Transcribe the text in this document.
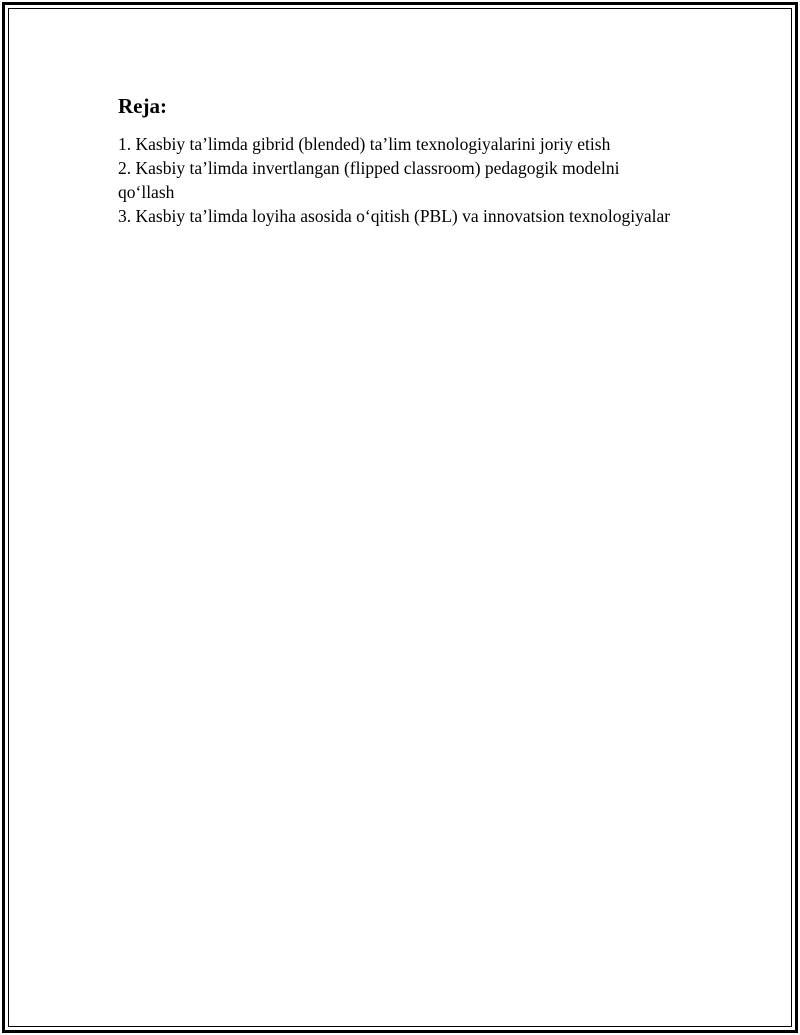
Reja:
1. Kasbiy ta’limda gibrid (blended) ta’lim texnologiyalarini joriy etish
2. Kasbiy ta’limda invertlangan (flipped classroom) pedagogik modelni qo‘llash
3. Kasbiy ta’limda loyiha asosida o‘qitish (PBL) va innovatsion texnologiyalar
